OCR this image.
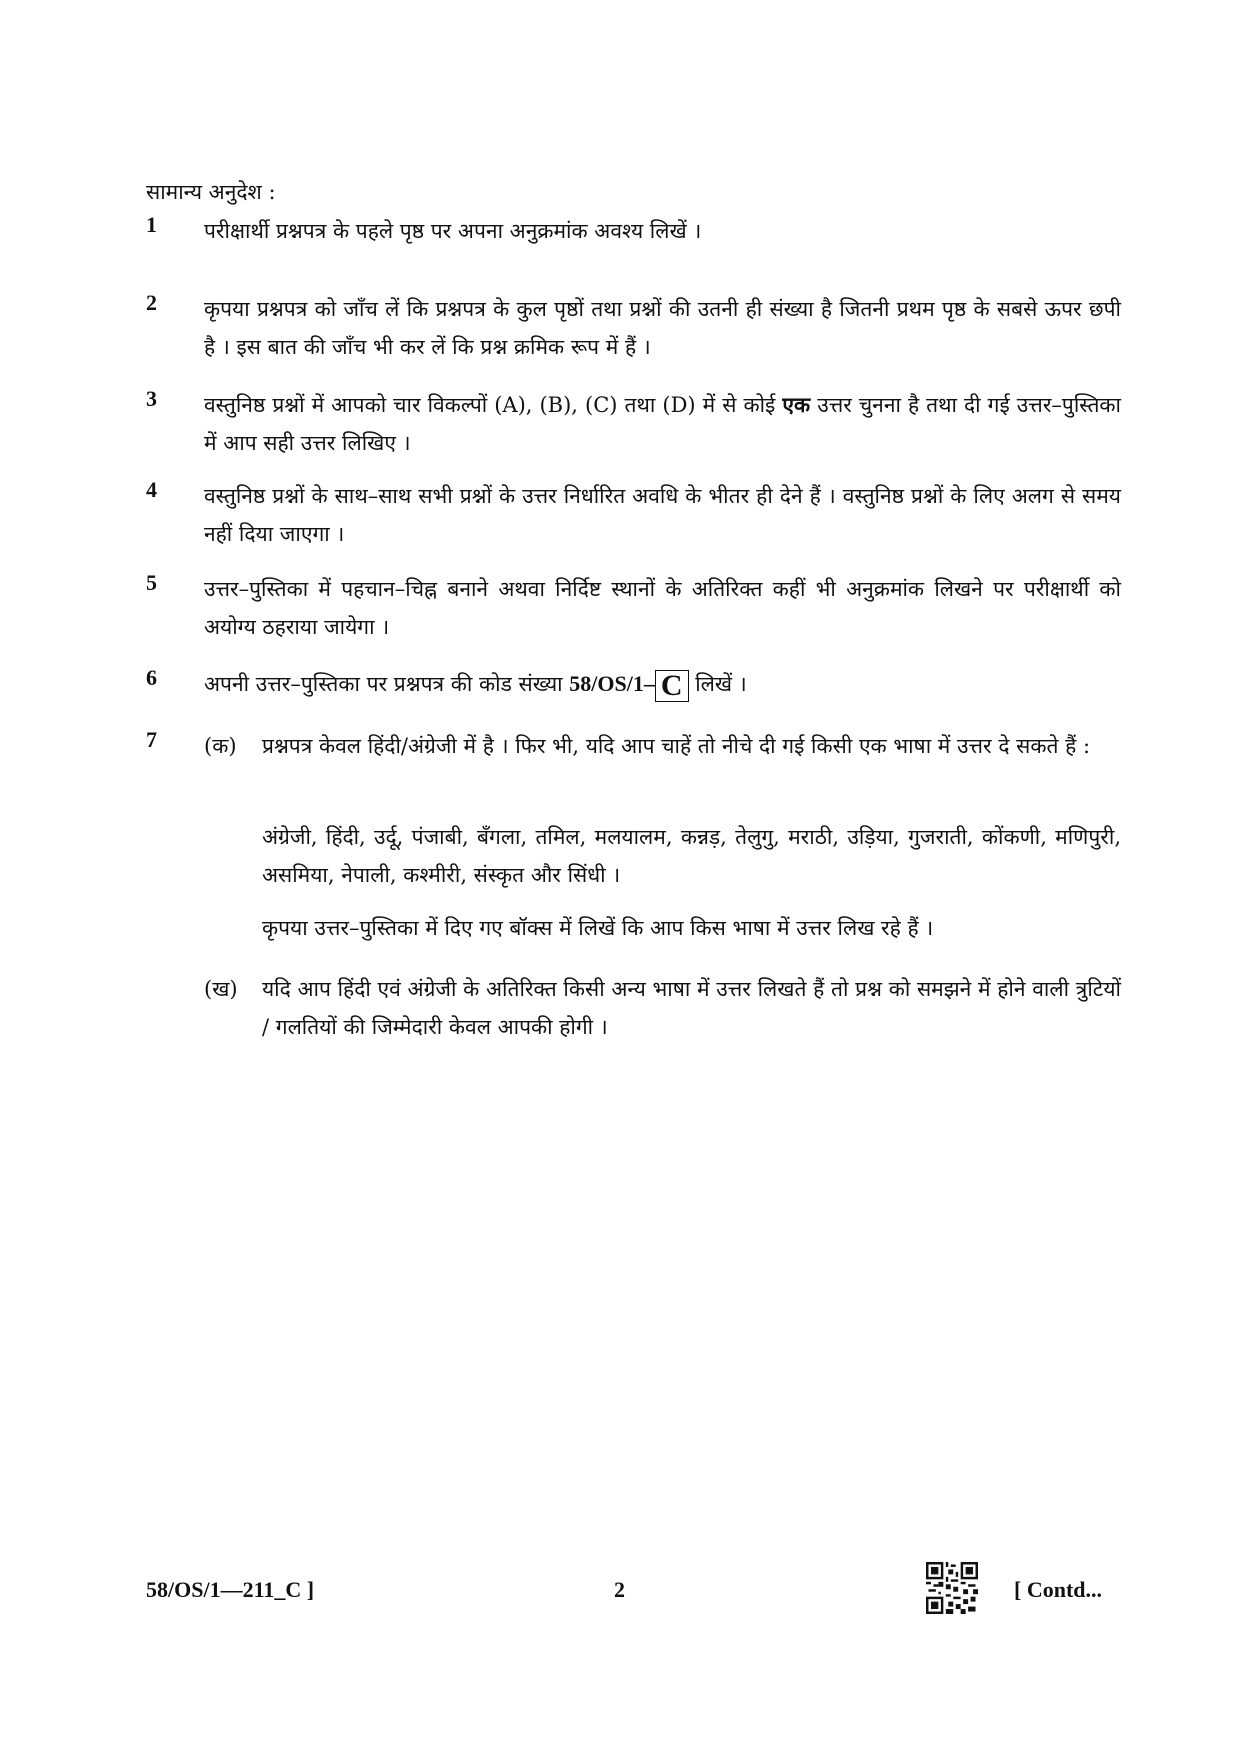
सामान्य अनुदेश :
1 परीक्षार्थी प्रश्नपत्र के पहले पृष्ठ पर अपना अनुक्रमांक अवश्य लिखें ।
2 कृपया प्रश्नपत्र को जाँच लें कि प्रश्नपत्र के कुल पृष्ठों तथा प्रश्नों की उतनी ही संख्या है जितनी प्रथम पृष्ठ के सबसे ऊपर छपी है । इस बात की जाँच भी कर लें कि प्रश्न क्रमिक रूप में हैं ।
3 वस्तुनिष्ठ प्रश्नों में आपको चार विकल्पों (A), (B), (C) तथा (D) में से कोई एक उत्तर चुनना है तथा दी गई उत्तर–पुस्तिका में आप सही उत्तर लिखिए ।
4 वस्तुनिष्ठ प्रश्नों के साथ–साथ सभी प्रश्नों के उत्तर निर्धारित अवधि के भीतर ही देने हैं । वस्तुनिष्ठ प्रश्नों के लिए अलग से समय नहीं दिया जाएगा ।
5 उत्तर–पुस्तिका में पहचान–चिह्न बनाने अथवा निर्दिष्ट स्थानों के अतिरिक्त कहीं भी अनुक्रमांक लिखने पर परीक्षार्थी को अयोग्य ठहराया जायेगा ।
6 अपनी उत्तर–पुस्तिका पर प्रश्नपत्र की कोड संख्या 58/OS/1– C लिखें ।
7 (क) प्रश्नपत्र केवल हिंदी/अंग्रेजी में है । फिर भी, यदि आप चाहें तो नीचे दी गई किसी एक भाषा में उत्तर दे सकते हैं :
अंग्रेजी, हिंदी, उर्दू, पंजाबी, बँगला, तमिल, मलयालम, कन्नड़, तेलुगु, मराठी, उड़िया, गुजराती, कोंकणी, मणिपुरी, असमिया, नेपाली, कश्मीरी, संस्कृत और सिंधी ।
कृपया उत्तर–पुस्तिका में दिए गए बॉक्स में लिखें कि आप किस भाषा में उत्तर लिख रहे हैं ।
(ख) यदि आप हिंदी एवं अंग्रेजी के अतिरिक्त किसी अन्य भाषा में उत्तर लिखते हैं तो प्रश्न को समझने में होने वाली त्रुटियों / गलतियों की जिम्मेदारी केवल आपकी होगी ।
58/OS/1—211_C ]	2	[ Contd...
